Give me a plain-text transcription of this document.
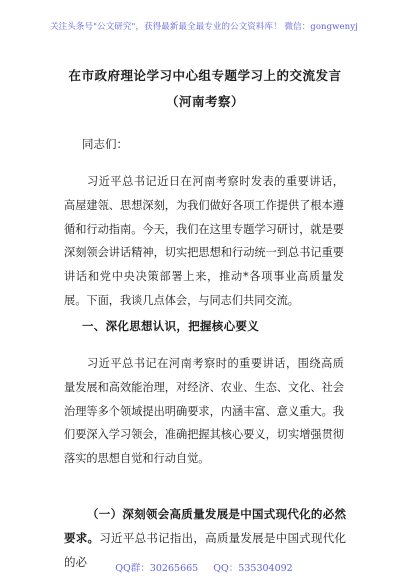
关注头条号"公文研究"，获得最新最全最专业的公文资料库！ 微信：gongwenyj
在市政府理论学习中心组专题学习上的交流发言（河南考察）
同志们：

习近平总书记近日在河南考察时发表的重要讲话，高屋建瓴、思想深刻，为我们做好各项工作提供了根本遵循和行动指南。今天，我们在这里专题学习研讨，就是要深刻领会讲话精神，切实把思想和行动统一到总书记重要讲话和党中央决策部署上来，推动*各项事业高质量发展。下面，我谈几点体会，与同志们共同交流。

一、深化思想认识，把握核心要义

习近平总书记在河南考察时的重要讲话，围绕高质量发展和高效能治理，对经济、农业、生态、文化、社会治理等多个领域提出明确要求，内涵丰富、意义重大。我们要深入学习领会，准确把握其核心要义，切实增强贯彻落实的思想自觉和行动自觉。

（一）深刻领会高质量发展是中国式现代化的必然要求。习近平总书记指出，高质量发展是中国式现代化的必	QQ群：30265665 QQ：535304092
